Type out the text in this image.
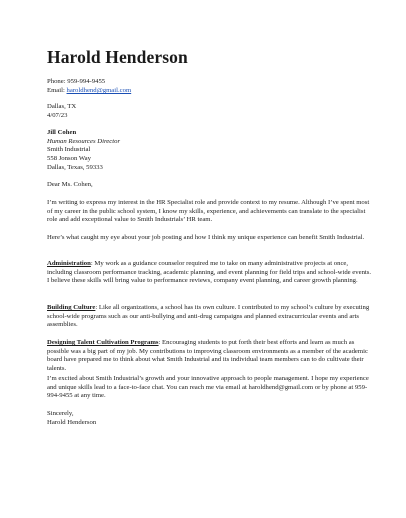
Harold Henderson
Phone: 959-994-9455
Email: haroldhend@gmail.com
Dallas, TX
4/07/23
Jill Cohen
Human Resources Director
Smith Industrial
558 Jonson Way
Dallas, Texas, 59333
Dear Ms. Cohen,
I’m writing to express my interest in the HR Specialist role and provide context to my resume. Although I’ve spent most of my career in the public school system, I know my skills, experience, and achievements can translate to the specialist role and add exceptional value to Smith Industrials’ HR team.
Here’s what caught my eye about your job posting and how I think my unique experience can benefit Smith Industrial.
Administration: My work as a guidance counselor required me to take on many administrative projects at once, including classroom performance tracking, academic planning, and event planning for field trips and school-wide events. I believe these skills will bring value to performance reviews, company event planning, and career growth planning.
Building Culture: Like all organizations, a school has its own culture. I contributed to my school’s culture by executing school-wide programs such as our anti-bullying and anti-drug campaigns and planned extracurricular events and arts assemblies.
Designing Talent Cultivation Programs: Encouraging students to put forth their best efforts and learn as much as possible was a big part of my job. My contributions to improving classroom environments as a member of the academic board have prepared me to think about what Smith Industrial and its individual team members can to do cultivate their talents.
I’m excited about Smith Industrial’s growth and your innovative approach to people management. I hope my experience and unique skills lead to a face-to-face chat. You can reach me via email at haroldhend@gmail.com or by phone at 959-994-9455 at any time.
Sincerely,
Harold Henderson
